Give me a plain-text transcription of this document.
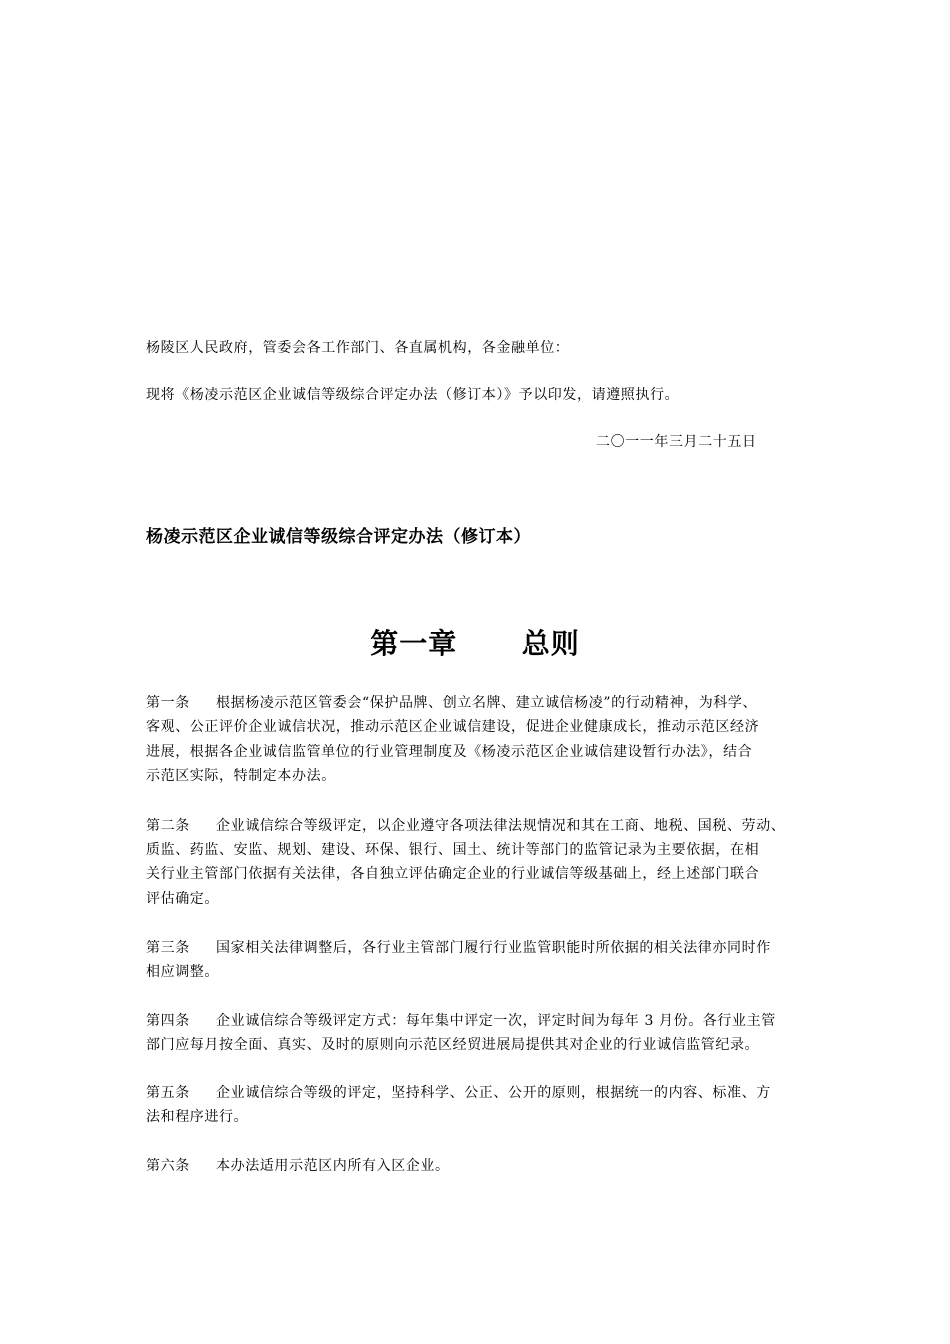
杨陵区人民政府，管委会各工作部门、各直属机构，各金融单位：
现将《杨凌示范区企业诚信等级综合评定办法（修订本）》予以印发，请遵照执行。
二〇一一年三月二十五日
杨凌示范区企业诚信等级综合评定办法（修订本）
第一章      总则
第一条 根据杨凌示范区管委会“保护品牌、创立名牌、建立诚信杨凌”的行动精神，为科学、
客观、公正评价企业诚信状况，推动示范区企业诚信建设，促进企业健康成长，推动示范区经济
进展，根据各企业诚信监管单位的行业管理制度及《杨凌示范区企业诚信建设暂行办法》，结合
示范区实际，特制定本办法。
第二条 企业诚信综合等级评定，以企业遵守各项法律法规情况和其在工商、地税、国税、劳动、
质监、药监、安监、规划、建设、环保、银行、国土、统计等部门的监管记录为主要依据，在相
关行业主管部门依据有关法律，各自独立评估确定企业的行业诚信等级基础上，经上述部门联合
评估确定。
第三条 国家相关法律调整后，各行业主管部门履行行业监管职能时所依据的相关法律亦同时作
相应调整。
第四条 企业诚信综合等级评定方式：每年集中评定一次，评定时间为每年 3 月份。各行业主管
部门应每月按全面、真实、及时的原则向示范区经贸进展局提供其对企业的行业诚信监管纪录。
第五条 企业诚信综合等级的评定，坚持科学、公正、公开的原则，根据统一的内容、标准、方
法和程序进行。
第六条 本办法适用示范区内所有入区企业。
